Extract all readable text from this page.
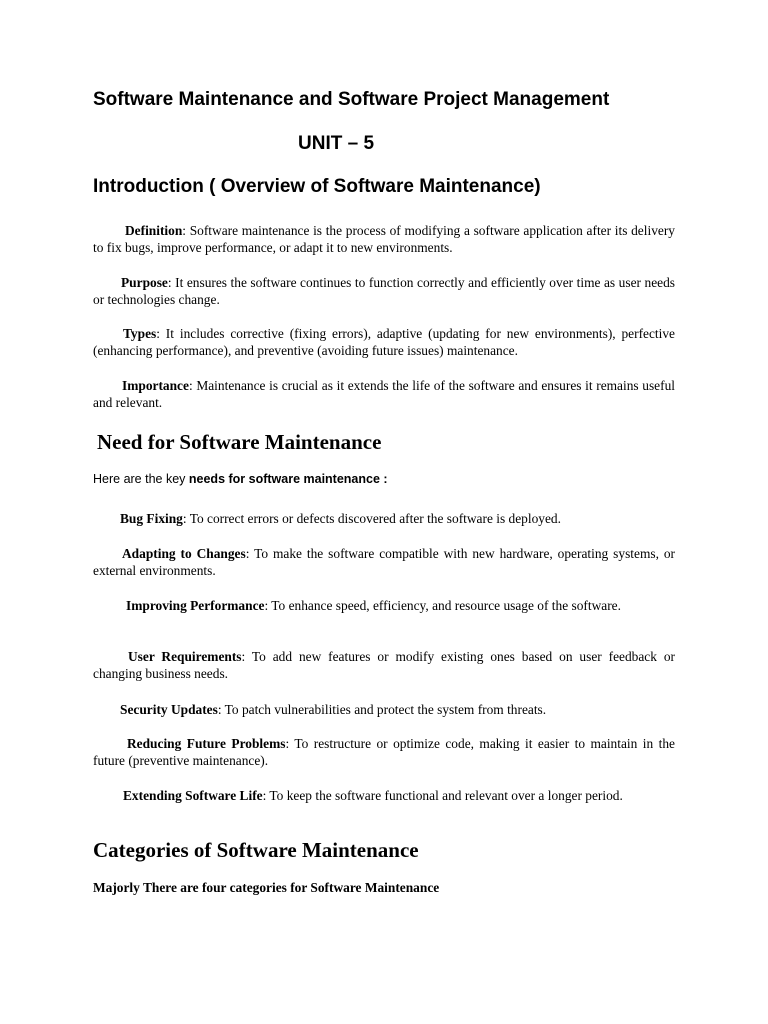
Software Maintenance and Software Project Management
UNIT – 5
Introduction ( Overview of Software Maintenance)
Definition: Software maintenance is the process of modifying a software application after its delivery to fix bugs, improve performance, or adapt it to new environments.
Purpose: It ensures the software continues to function correctly and efficiently over time as user needs or technologies change.
Types: It includes corrective (fixing errors), adaptive (updating for new environments), perfective (enhancing performance), and preventive (avoiding future issues) maintenance.
Importance: Maintenance is crucial as it extends the life of the software and ensures it remains useful and relevant.
Need for Software Maintenance
Here are the key needs for software maintenance :
Bug Fixing: To correct errors or defects discovered after the software is deployed.
Adapting to Changes: To make the software compatible with new hardware, operating systems, or external environments.
Improving Performance: To enhance speed, efficiency, and resource usage of the software.
User Requirements: To add new features or modify existing ones based on user feedback or changing business needs.
Security Updates: To patch vulnerabilities and protect the system from threats.
Reducing Future Problems: To restructure or optimize code, making it easier to maintain in the future (preventive maintenance).
Extending Software Life: To keep the software functional and relevant over a longer period.
Categories of Software Maintenance
Majorly There are four categories for Software Maintenance
